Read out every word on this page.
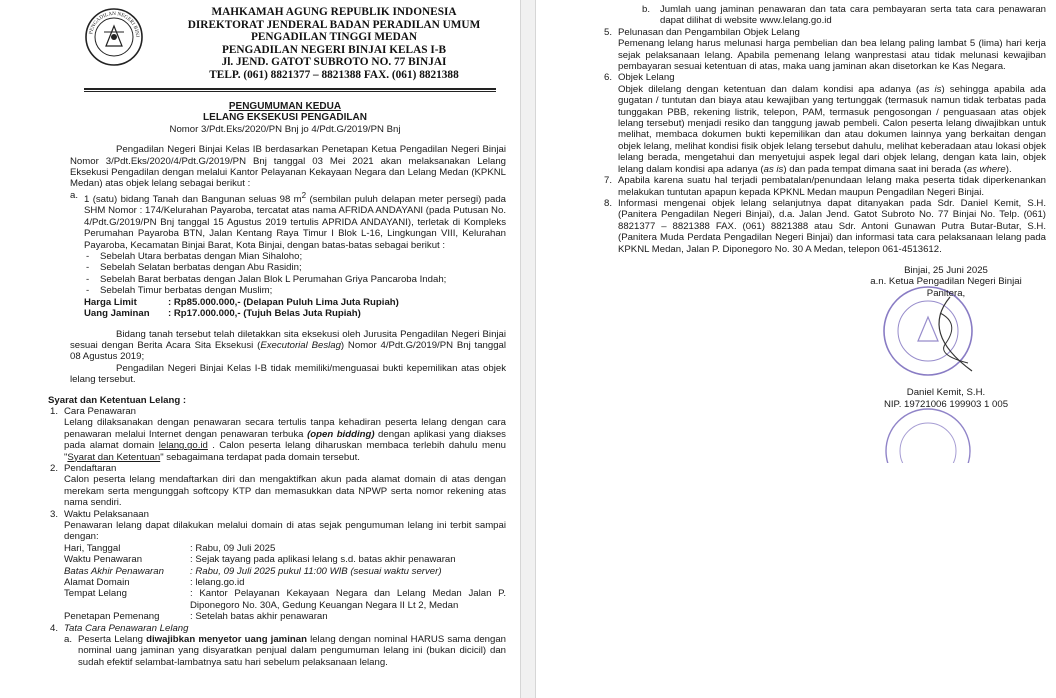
PENGADILAN NEGERI BINJ
MAHKAMAH AGUNG REPUBLIK INDONESIA
DIREKTORAT JENDERAL BADAN PERADILAN UMUM
PENGADILAN TINGGI MEDAN
PENGADILAN NEGERI BINJAI KELAS I-B
Jl. JEND. GATOT SUBROTO NO. 77 BINJAI
TELP. (061) 8821377 – 8821388 FAX. (061) 8821388
PENGUMUMAN KEDUA
LELANG EKSEKUSI PENGADILAN
Nomor 3/Pdt.Eks/2020/PN Bnj jo 4/Pdt.G/2019/PN Bnj

Pengadilan Negeri Binjai Kelas IB berdasarkan Penetapan Ketua Pengadilan Negeri Binjai Nomor 3/Pdt.Eks/2020/4/Pdt.G/2019/PN Bnj tanggal 03 Mei 2021 akan melaksanakan Lelang Eksekusi Pengadilan dengan melalui Kantor Pelayanan Kekayaan Negara dan Lelang Medan (KPKNL Medan) atas objek lelang sebagai berikut :

a. 1 (satu) bidang Tanah dan Bangunan seluas 98 $m^2$ (sembilan puluh delapan meter persegi) pada SHM Nomor : 174/Kelurahan Payaroba, tercatat atas nama AFRIDA ANDAYANI (pada Putusan No. 4/Pdt.G/2019/PN Bnj tanggal 15 Agustus 2019 tertulis APRIDA ANDAYANI), terletak di Kompleks Perumahan Payaroba BTN, Jalan Kentang Raya Timur I Blok L-16, Lingkungan VIII, Kelurahan Payaroba, Kecamatan Binjai Barat, Kota Binjai, dengan batas-batas sebagai berikut :

-	Sebelah Utara berbatas dengan Mian Sihaloho;
-	Sebelah Selatan berbatas dengan Abu Rasidin;
-	Sebelah Barat berbatas dengan Jalan Blok L Perumahan Griya Pancaroba Indah;
-	Sebelah Timur berbatas dengan Muslim;
Harga Limit	: Rp85.000.000,- (Delapan Puluh Lima Juta Rupiah)
Uang Jaminan	: Rp17.000.000,- (Tujuh Belas Juta Rupiah)

Bidang tanah tersebut telah diletakkan sita eksekusi oleh Jurusita Pengadilan Negeri Binjai sesuai dengan Berita Acara Sita Eksekusi (Executorial Beslag) Nomor 4/Pdt.G/2019/PN Bnj tanggal 08 Agustus 2019;

Pengadilan Negeri Binjai Kelas I-B tidak memiliki/menguasai bukti kepemilikan atas objek lelang tersebut.

Syarat dan Ketentuan Lelang :
1. Cara Penawaran

Lelang dilaksanakan dengan penawaran secara tertulis tanpa kehadiran peserta lelang dengan cara penawaran melalui Internet dengan penawaran terbuka (open bidding) dengan aplikasi yang diakses pada alamat domain lelang.go.id . Calon peserta lelang diharuskan membaca terlebih dahulu menu "Syarat dan Ketentuan" sebagaimana terdapat pada domain tersebut.

2. Pendaftaran

Calon peserta lelang mendaftarkan diri dan mengaktifkan akun pada alamat domain di atas dengan merekam serta mengunggah softcopy KTP dan memasukkan data NPWP serta nomor rekening atas nama sendiri.

3. Waktu Pelaksanaan

Penawaran lelang dapat dilakukan melalui domain di atas sejak pengumuman lelang ini terbit sampai dengan:

Hari, Tanggal	: Rabu, 09 Juli 2025
Waktu Penawaran	: Sejak tayang pada aplikasi lelang s.d. batas akhir penawaran
Batas Akhir Penawaran	: Rabu, 09 Juli 2025 pukul 11:00 WIB (sesuai waktu server)
Alamat Domain	: lelang.go.id
Tempat Lelang	: Kantor Pelayanan Kekayaan Negara dan Lelang Medan Jalan P. Diponegoro No. 30A, Gedung Keuangan Negara II Lt 2, Medan
Penetapan Pemenang	: Setelah batas akhir penawaran
4. Tata Cara Penawaran Lelang
a. Peserta Lelang diwajibkan menyetor uang jaminan lelang dengan nominal HARUS sama dengan nominal uang jaminan yang disyaratkan penjual dalam pengumuman lelang ini (bukan dicicil) dan sudah efektif selambat-lambatnya satu hari sebelum pelaksanaan lelang.

b.	Jumlah uang jaminan penawaran dan tata cara pembayaran serta tata cara penawaran dapat dilihat di website www.lelang.go.id

5. Pelunasan dan Pengambilan Objek Lelang

Pemenang lelang harus melunasi harga pembelian dan bea lelang paling lambat 5 (lima) hari kerja sejak pelaksanaan lelang. Apabila pemenang lelang wanprestasi atau tidak melunasi kewajiban pembayaran sesuai ketentuan di atas, maka uang jaminan akan disetorkan ke Kas Negara.

6. Objek Lelang

Objek dilelang dengan ketentuan dan dalam kondisi apa adanya (as is) sehingga apabila ada gugatan / tuntutan dan biaya atau kewajiban yang tertunggak (termasuk namun tidak terbatas pada tunggakan PBB, rekening listrik, telepon, PAM, termasuk pengosongan / penguasaan atas objek lelang tersebut) menjadi resiko dan tanggung jawab pembeli. Calon peserta lelang diwajibkan untuk melihat, membaca dokumen bukti kepemilikan dan atau dokumen lainnya yang berkaitan dengan objek lelang, melihat kondisi fisik objek lelang tersebut dahulu, melihat keberadaan atau lokasi objek lelang berada, mengetahui dan menyetujui aspek legal dari objek lelang, dengan kata lain, objek lelang dalam kondisi apa adanya (as is) dan pada tempat dimana saat ini berada (as where).

7. Apabila karena suatu hal terjadi pembatalan/penundaan lelang maka peserta tidak diperkenankan melakukan tuntutan apapun kepada KPKNL Medan maupun Pengadilan Negeri Binjai.

8. Informasi mengenai objek lelang selanjutnya dapat ditanyakan pada Sdr. Daniel Kemit, S.H. (Panitera Pengadilan Negeri Binjai), d.a. Jalan Jend. Gatot Subroto No. 77 Binjai No. Telp. (061) 8821377 – 8821388 FAX. (061) 8821388 atau Sdr. Antoni Gunawan Putra Butar-Butar, S.H. (Panitera Muda Perdata Pengadilan Negeri Binjai) dan informasi tata cara pelaksanaan lelang pada KPKNL Medan, Jalan P. Diponegoro No. 30 A Medan, telepon 061-4513612.

Binjai, 25 Juni 2025
a.n. Ketua Pengadilan Negeri Binjai
Panitera,
Daniel Kemit, S.H.
NIP. 19721006 199903 1 005
